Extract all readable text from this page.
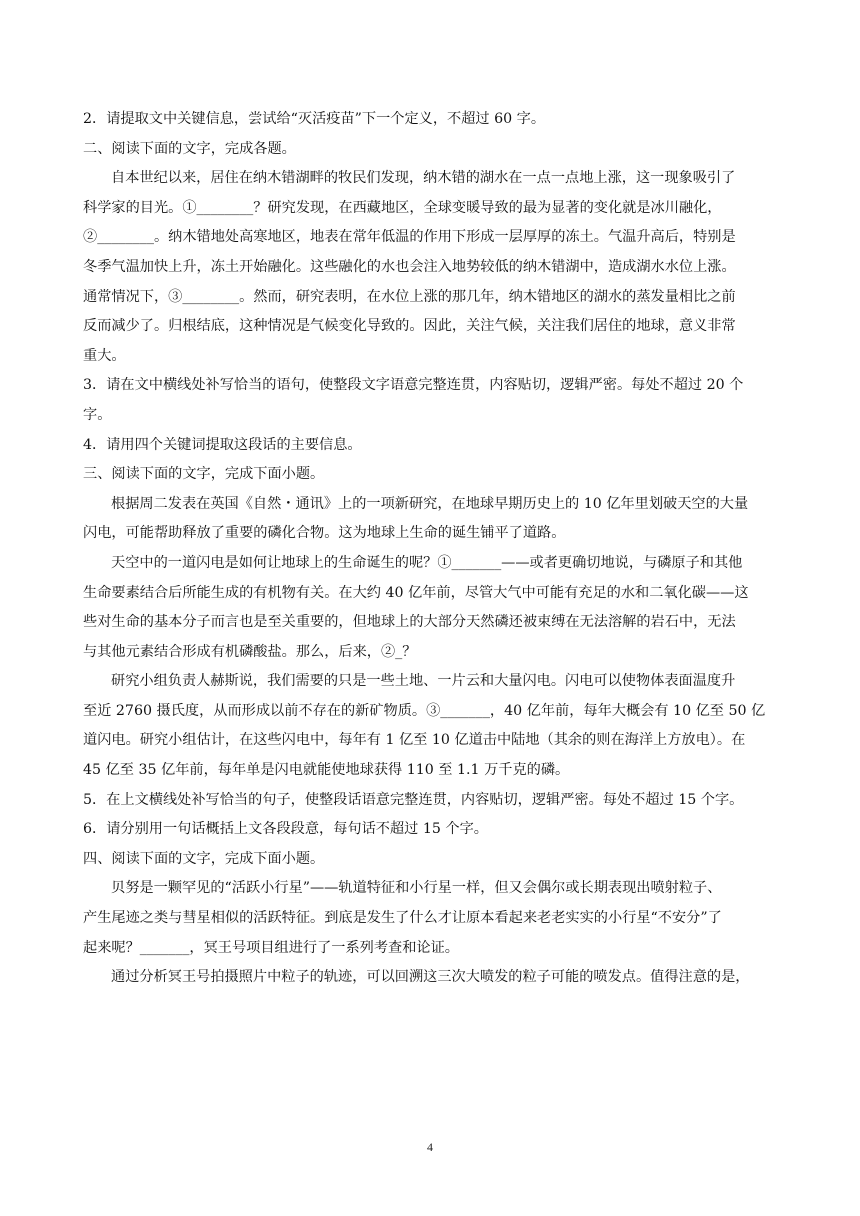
2．请提取文中关键信息，尝试给“灭活疫苗”下一个定义，不超过 60 字。

二、阅读下面的文字，完成各题。

自本世纪以来，居住在纳木错湖畔的牧民们发现，纳木错的湖水在一点一点地上涨，这一现象吸引了

科学家的目光。①________？研究发现，在西藏地区，全球变暖导致的最为显著的变化就是冰川融化，

②________。纳木错地处高寒地区，地表在常年低温的作用下形成一层厚厚的冻土。气温升高后，特别是

冬季气温加快上升，冻土开始融化。这些融化的水也会注入地势较低的纳木错湖中，造成湖水水位上涨。

通常情况下，③________。然而，研究表明，在水位上涨的那几年，纳木错地区的湖水的蒸发量相比之前

反而减少了。归根结底，这种情况是气候变化导致的。因此，关注气候，关注我们居住的地球，意义非常

重大。

3．请在文中横线处补写恰当的语句，使整段文字语意完整连贯，内容贴切，逻辑严密。每处不超过 20 个

字。

4．请用四个关键词提取这段话的主要信息。

三、阅读下面的文字，完成下面小题。

根据周二发表在英国《自然・通讯》上的一项新研究，在地球早期历史上的 10 亿年里划破天空的大量

闪电，可能帮助释放了重要的磷化合物。这为地球上生命的诞生铺平了道路。

天空中的一道闪电是如何让地球上的生命诞生的呢？①_______——或者更确切地说，与磷原子和其他

生命要素结合后所能生成的有机物有关。在大约 40 亿年前，尽管大气中可能有充足的水和二氧化碳——这

些对生命的基本分子而言也是至关重要的，但地球上的大部分天然磷还被束缚在无法溶解的岩石中，无法

与其他元素结合形成有机磷酸盐。那么，后来，②_？

研究小组负责人赫斯说，我们需要的只是一些土地、一片云和大量闪电。闪电可以使物体表面温度升

至近 2760 摄氏度，从而形成以前不存在的新矿物质。③_______，40 亿年前，每年大概会有 10 亿至 50 亿

道闪电。研究小组估计，在这些闪电中，每年有 1 亿至 10 亿道击中陆地（其余的则在海洋上方放电）。在

45 亿至 35 亿年前，每年单是闪电就能使地球获得 110 至 1.1 万千克的磷。

5．在上文横线处补写恰当的句子，使整段话语意完整连贯，内容贴切，逻辑严密。每处不超过 15 个字。

6．请分别用一句话概括上文各段段意，每句话不超过 15 个字。

四、阅读下面的文字，完成下面小题。

贝努是一颗罕见的“活跃小行星”——轨道特征和小行星一样，但又会偶尔或长期表现出喷射粒子、

产生尾迹之类与彗星相似的活跃特征。到底是发生了什么才让原本看起来老老实实的小行星“不安分”了

起来呢？_______，冥王号项目组进行了一系列考查和论证。

通过分析冥王号拍摄照片中粒子的轨迹，可以回溯这三次大喷发的粒子可能的喷发点。值得注意的是，

4
